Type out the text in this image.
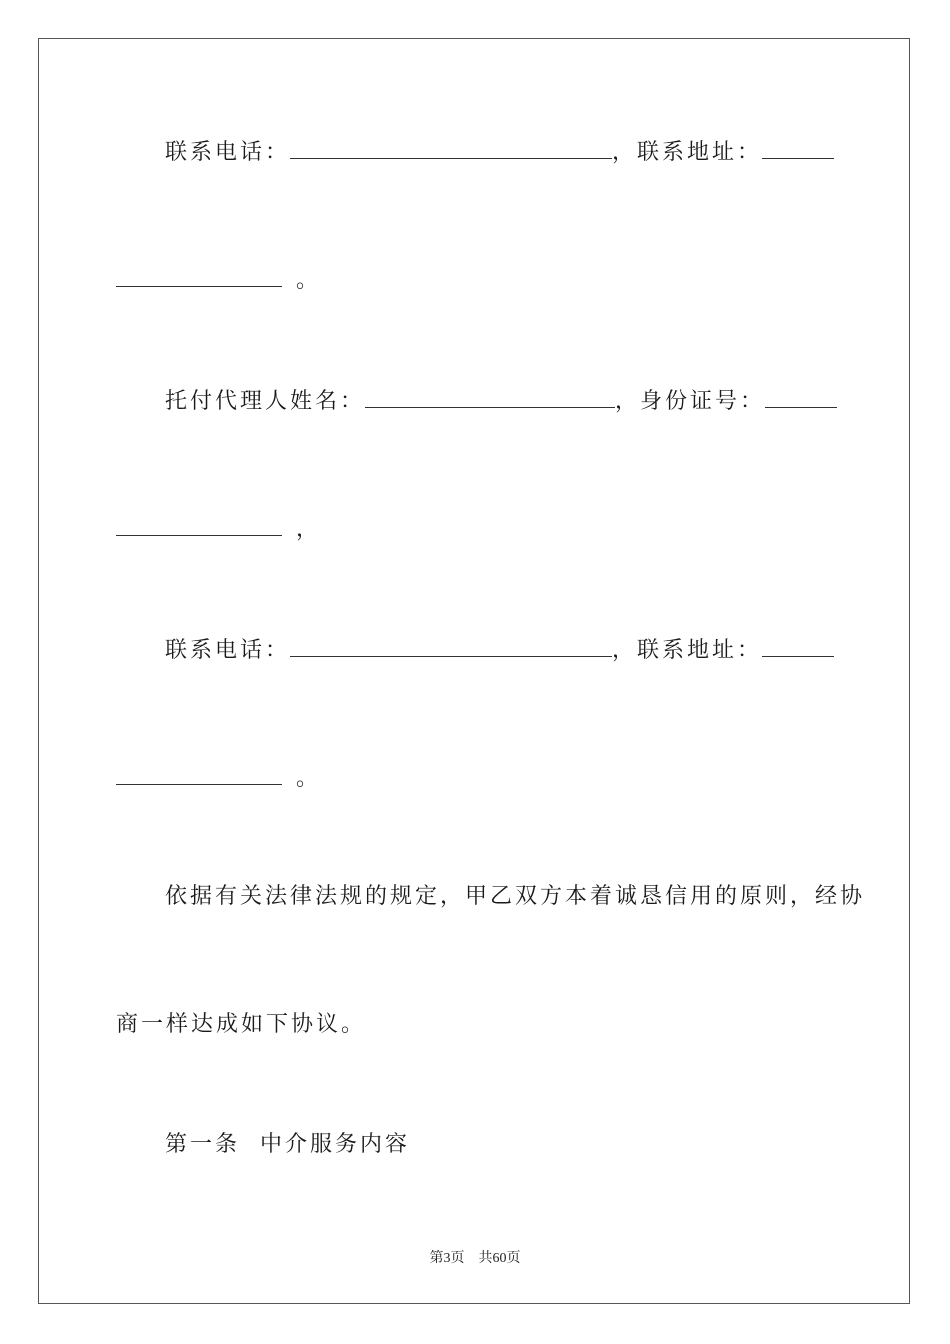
联系电话：	，联系地址：
。
托付代理人姓名：	，身份证号：
，
联系电话：	，联系地址：
。
依据有关法律法规的规定，甲乙双方本着诚恳信用的原则，经协
商一样达成如下协议。
第一条  中介服务内容
第3页 共60页
